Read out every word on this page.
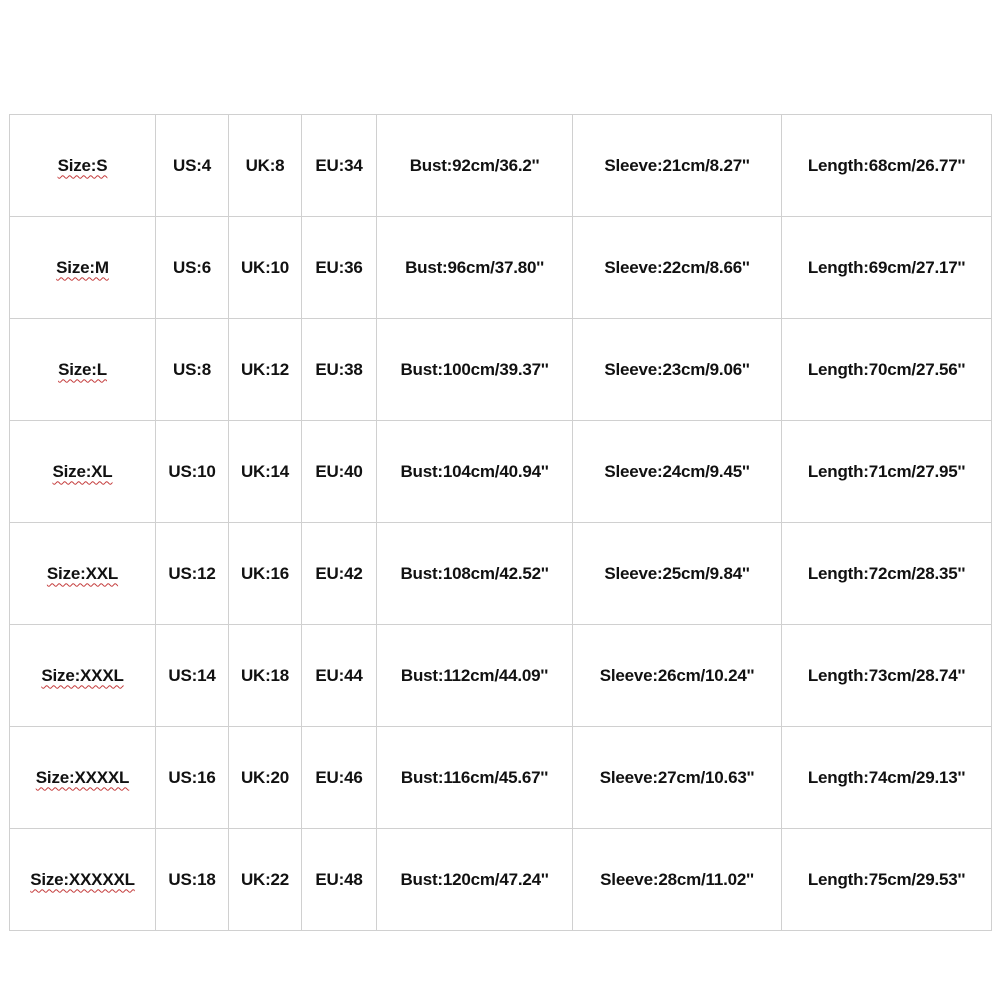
Size:S	US:4	UK:8	EU:34	Bust:92cm/36.2''	Sleeve:21cm/8.27''	Length:68cm/26.77''
Size:M	US:6	UK:10	EU:36	Bust:96cm/37.80''	Sleeve:22cm/8.66''	Length:69cm/27.17''
Size:L	US:8	UK:12	EU:38	Bust:100cm/39.37''	Sleeve:23cm/9.06''	Length:70cm/27.56''
Size:XL	US:10	UK:14	EU:40	Bust:104cm/40.94''	Sleeve:24cm/9.45''	Length:71cm/27.95''
Size:XXL	US:12	UK:16	EU:42	Bust:108cm/42.52''	Sleeve:25cm/9.84''	Length:72cm/28.35''
Size:XXXL	US:14	UK:18	EU:44	Bust:112cm/44.09''	Sleeve:26cm/10.24''	Length:73cm/28.74''
Size:XXXXL	US:16	UK:20	EU:46	Bust:116cm/45.67''	Sleeve:27cm/10.63''	Length:74cm/29.13''
Size:XXXXXL	US:18	UK:22	EU:48	Bust:120cm/47.24''	Sleeve:28cm/11.02''	Length:75cm/29.53''
